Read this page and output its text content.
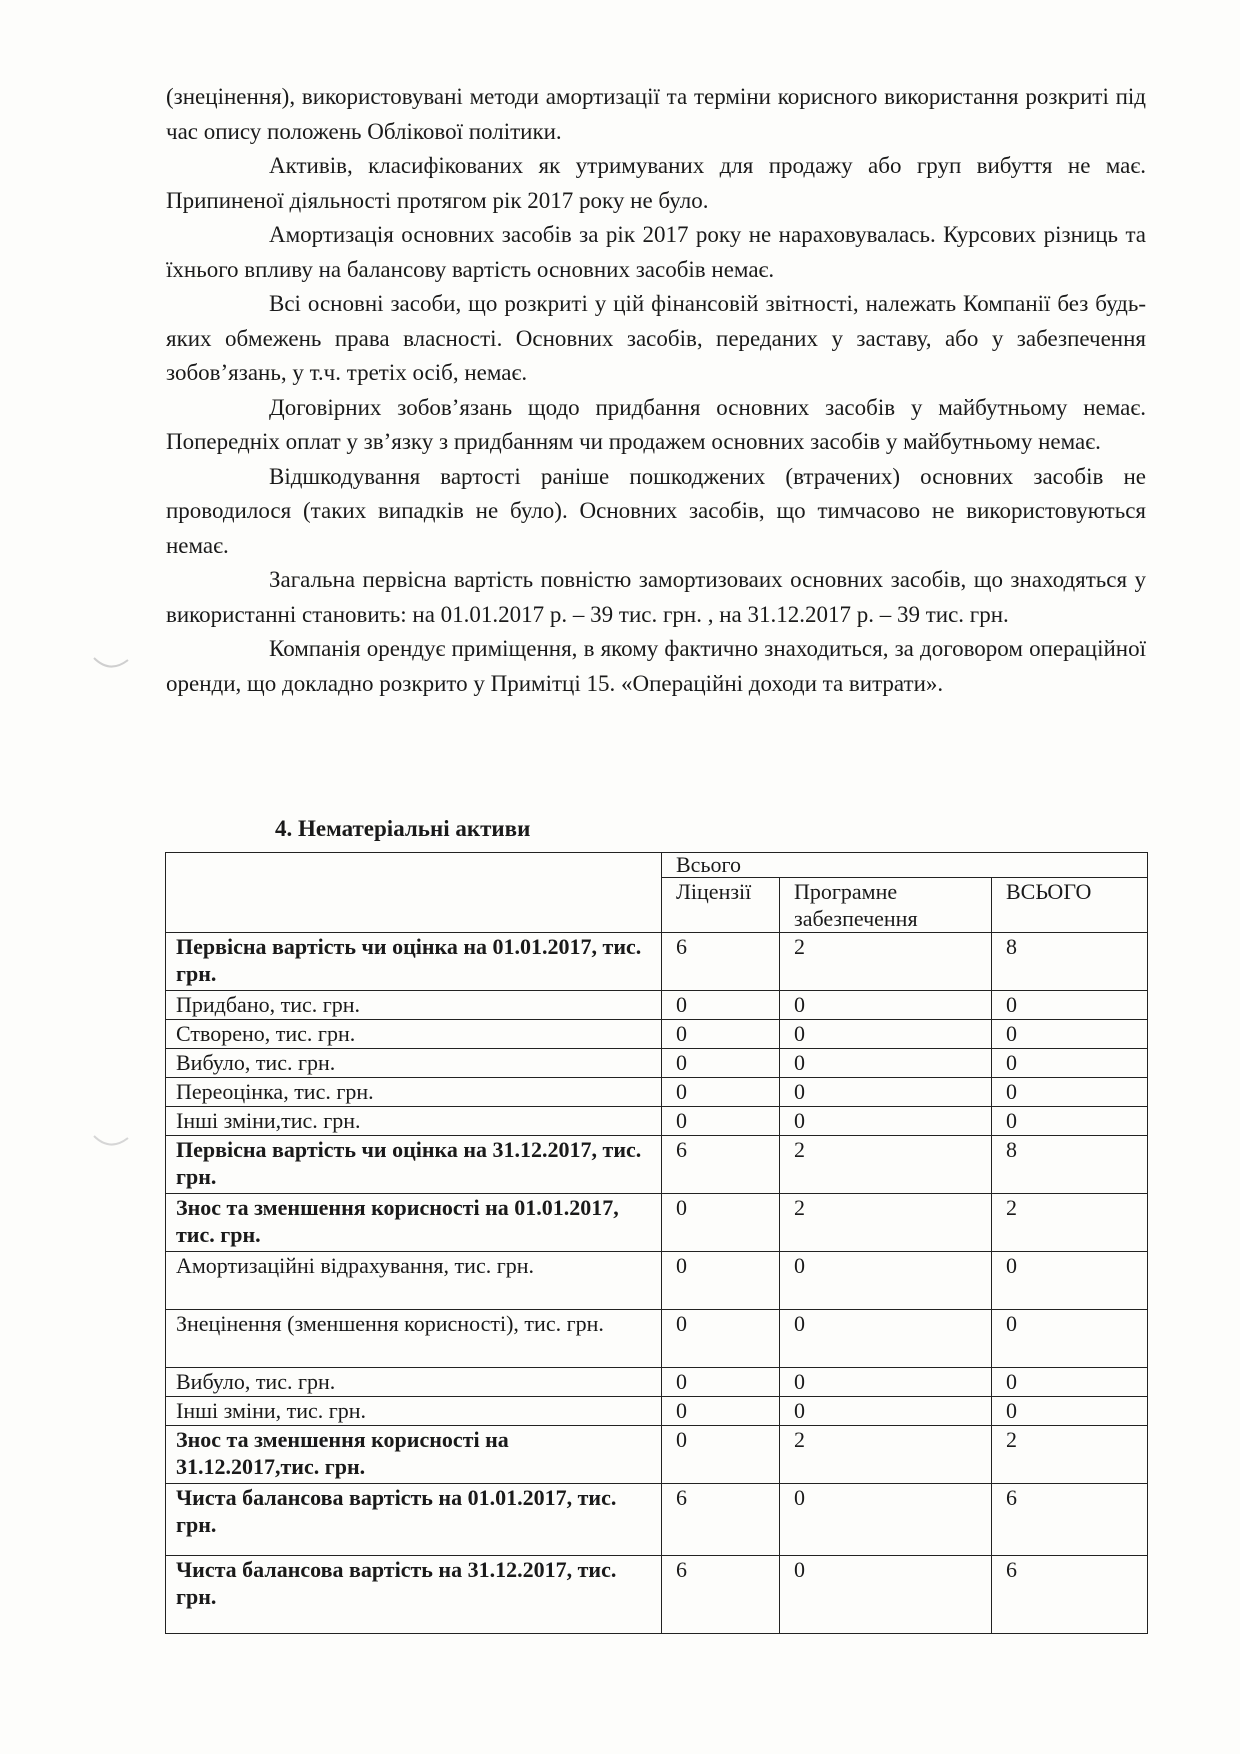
(знецінення), використовувані методи амортизації та терміни корисного використання розкриті під час опису положень Облікової політики.

Активів, класифікованих як утримуваних для продажу або груп вибуття не має. Припиненої діяльності протягом рік 2017 року не було.

Амортизація основних засобів за рік 2017 року не нараховувалась. Курсових різниць та їхнього впливу на балансову вартість основних засобів немає.

Всі основні засоби, що розкриті у цій фінансовій звітності, належать Компанії без будь-яких обмежень права власності. Основних засобів, переданих у заставу, або у забезпечення зобов’язань, у т.ч. третіх осіб, немає.

Договірних зобов’язань щодо придбання основних засобів у майбутньому немає. Попередніх оплат у зв’язку з придбанням чи продажем основних засобів у майбутньому немає.

Відшкодування вартості раніше пошкоджених (втрачених) основних засобів не проводилося (таких випадків не було). Основних засобів, що тимчасово не використовуються немає.

Загальна первісна вартість повністю замортизоваих основних засобів, що знаходяться у використанні становить: на 01.01.2017 р. – 39 тис. грн. , на 31.12.2017 р. – 39 тис. грн.

Компанія орендує приміщення, в якому фактично знаходиться, за договором операційної оренди, що докладно розкрито у Примітці 15. «Операційні доходи та витрати».

4. Нематеріальні активи
	Всього		
	Ліцензії	Програмне забезпечення	ВСЬОГО
Первісна вартість чи оцінка на 01.01.2017, тис. грн.	6	2	8
Придбано, тис. грн.	0	0	0
Створено, тис. грн.	0	0	0
Вибуло, тис. грн.	0	0	0
Переоцінка, тис. грн.	0	0	0
Інші зміни,тис. грн.	0	0	0
Первісна вартість чи оцінка на 31.12.2017, тис. грн.	6	2	8
Знос та зменшення корисності на 01.01.2017, тис. грн.	0	2	2
Амортизаційні відрахування, тис. грн.	0	0	0
Знецінення (зменшення корисності), тис. грн.	0	0	0
Вибуло, тис. грн.	0	0	0
Інші зміни, тис. грн.	0	0	0
Знос та зменшення корисності на 31.12.2017,тис. грн.	0	2	2
Чиста балансова вартість на 01.01.2017, тис. грн.	6	0	6
Чиста балансова вартість на 31.12.2017, тис. грн.	6	0	6
